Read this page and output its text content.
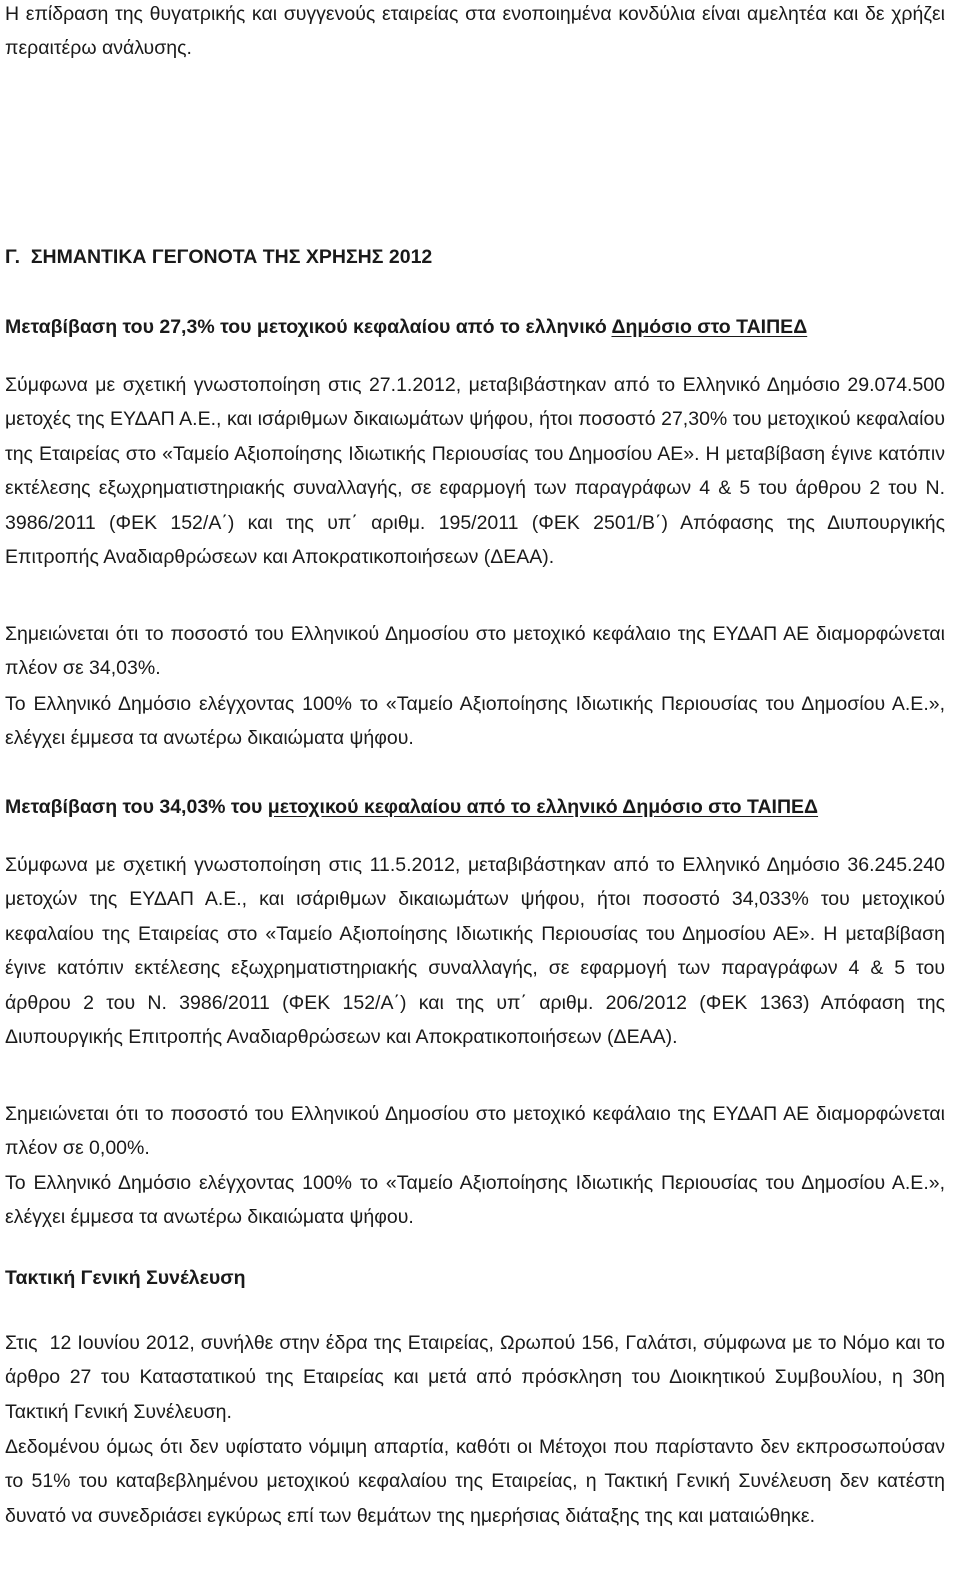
Η επίδραση της θυγατρικής και συγγενούς εταιρείας στα ενοποιημένα κονδύλια είναι αμελητέα και δε χρήζει περαιτέρω ανάλυσης.

Γ.  ΣΗΜΑΝΤΙΚΑ ΓΕΓΟΝΟΤΑ ΤΗΣ ΧΡΗΣΗΣ 2012
Μεταβίβαση του 27,3% του μετοχικού κεφαλαίου από το ελληνικό Δημόσιο στο ΤΑΙΠΕΔ

Σύμφωνα με σχετική γνωστοποίηση στις 27.1.2012, μεταβιβάστηκαν από το Ελληνικό Δημόσιο 29.074.500 μετοχές της ΕΥΔΑΠ Α.Ε., και ισάριθμων δικαιωμάτων ψήφου, ήτοι ποσοστό 27,30% του μετοχικού κεφαλαίου της Εταιρείας στο «Ταμείο Αξιοποίησης Ιδιωτικής Περιουσίας του Δημοσίου ΑΕ». Η μεταβίβαση έγινε κατόπιν εκτέλεσης εξωχρηματιστηριακής συναλλαγής, σε εφαρμογή των παραγράφων 4 & 5 του άρθρου 2 του Ν. 3986/2011 (ΦΕΚ 152/Α΄) και της υπ΄ αριθμ. 195/2011 (ΦΕΚ 2501/Β΄) Απόφασης της Διυπουργικής Επιτροπής Αναδιαρθρώσεων και Αποκρατικοποιήσεων (ΔΕΑΑ).

Σημειώνεται ότι το ποσοστό του Ελληνικού Δημοσίου στο μετοχικό κεφάλαιο της ΕΥΔΑΠ ΑΕ διαμορφώνεται πλέον σε 34,03%.

Το Ελληνικό Δημόσιο ελέγχοντας 100% το «Ταμείο Αξιοποίησης Ιδιωτικής Περιουσίας του Δημοσίου Α.Ε.», ελέγχει έμμεσα τα ανωτέρω δικαιώματα ψήφου.

Μεταβίβαση του 34,03% του μετοχικού κεφαλαίου από το ελληνικό Δημόσιο στο ΤΑΙΠΕΔ

Σύμφωνα με σχετική γνωστοποίηση στις 11.5.2012, μεταβιβάστηκαν από το Ελληνικό Δημόσιο 36.245.240 μετοχών της ΕΥΔΑΠ Α.Ε., και ισάριθμων δικαιωμάτων ψήφου, ήτοι ποσοστό 34,033% του μετοχικού κεφαλαίου της Εταιρείας στο «Ταμείο Αξιοποίησης Ιδιωτικής Περιουσίας του Δημοσίου ΑΕ». Η μεταβίβαση έγινε κατόπιν εκτέλεσης εξωχρηματιστηριακής συναλλαγής, σε εφαρμογή των παραγράφων 4 & 5 του άρθρου 2 του Ν. 3986/2011 (ΦΕΚ 152/Α΄) και της υπ΄ αριθμ. 206/2012 (ΦΕΚ 1363) Απόφαση της Διυπουργικής Επιτροπής Αναδιαρθρώσεων και Αποκρατικοποιήσεων (ΔΕΑΑ).

Σημειώνεται ότι το ποσοστό του Ελληνικού Δημοσίου στο μετοχικό κεφάλαιο της ΕΥΔΑΠ ΑΕ διαμορφώνεται πλέον σε 0,00%.

Το Ελληνικό Δημόσιο ελέγχοντας 100% το «Ταμείο Αξιοποίησης Ιδιωτικής Περιουσίας του Δημοσίου Α.Ε.», ελέγχει έμμεσα τα ανωτέρω δικαιώματα ψήφου.

Τακτική Γενική Συνέλευση

Στις  12 Ιουνίου 2012, συνήλθε στην έδρα της Εταιρείας, Ωρωπού 156, Γαλάτσι, σύμφωνα με το Νόμο και το άρθρο 27 του Καταστατικού της Εταιρείας και μετά από πρόσκληση του Διοικητικού Συμβουλίου, η 30η Τακτική Γενική Συνέλευση.

Δεδομένου όμως ότι δεν υφίστατο νόμιμη απαρτία, καθότι οι Μέτοχοι που παρίσταντο δεν εκπροσωπούσαν το 51% του καταβεβλημένου μετοχικού κεφαλαίου της Εταιρείας, η Τακτική Γενική Συνέλευση δεν κατέστη δυνατό να συνεδριάσει εγκύρως επί των θεμάτων της ημερήσιας διάταξης της και ματαιώθηκε.
